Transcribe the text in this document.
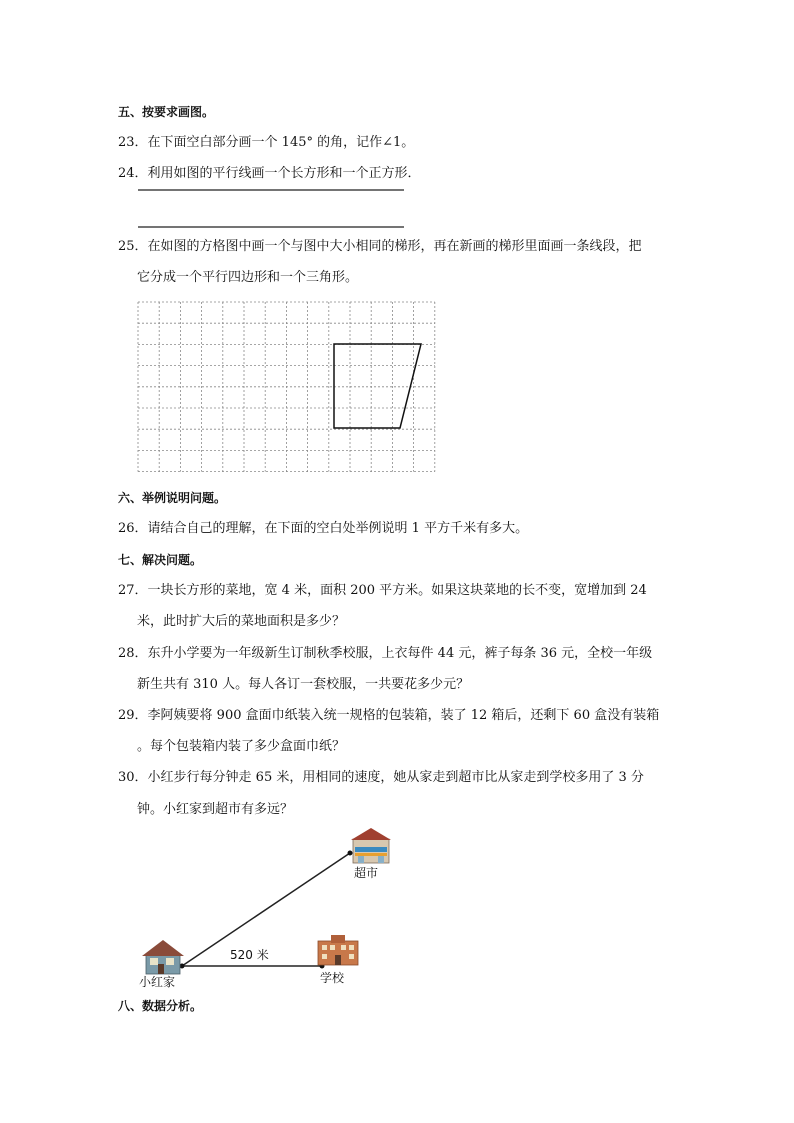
五、按要求画图。
23．在下面空白部分画一个 145° 的角，记作∠1。
24．利用如图的平行线画一个长方形和一个正方形．
25．在如图的方格图中画一个与图中大小相同的梯形，再在新画的梯形里面画一条线段，把
它分成一个平行四边形和一个三角形。
六、举例说明问题。
26．请结合自己的理解，在下面的空白处举例说明 1 平方千米有多大。
七、解决问题。
27．一块长方形的菜地，宽 4 米，面积 200 平方米。如果这块菜地的长不变，宽增加到 24
米，此时扩大后的菜地面积是多少？
28．东升小学要为一年级新生订制秋季校服，上衣每件 44 元，裤子每条 36 元，全校一年级
新生共有 310 人。每人各订一套校服，一共要花多少元？
29．李阿姨要将 900 盒面巾纸装入统一规格的包装箱，装了 12 箱后，还剩下 60 盒没有装箱
。每个包装箱内装了多少盒面巾纸？
30．小红步行每分钟走 65 米，用相同的速度，她从家走到超市比从家走到学校多用了 3 分
钟。小红家到超市有多远？
小红家	学校
超市
520 米
八、数据分析。
